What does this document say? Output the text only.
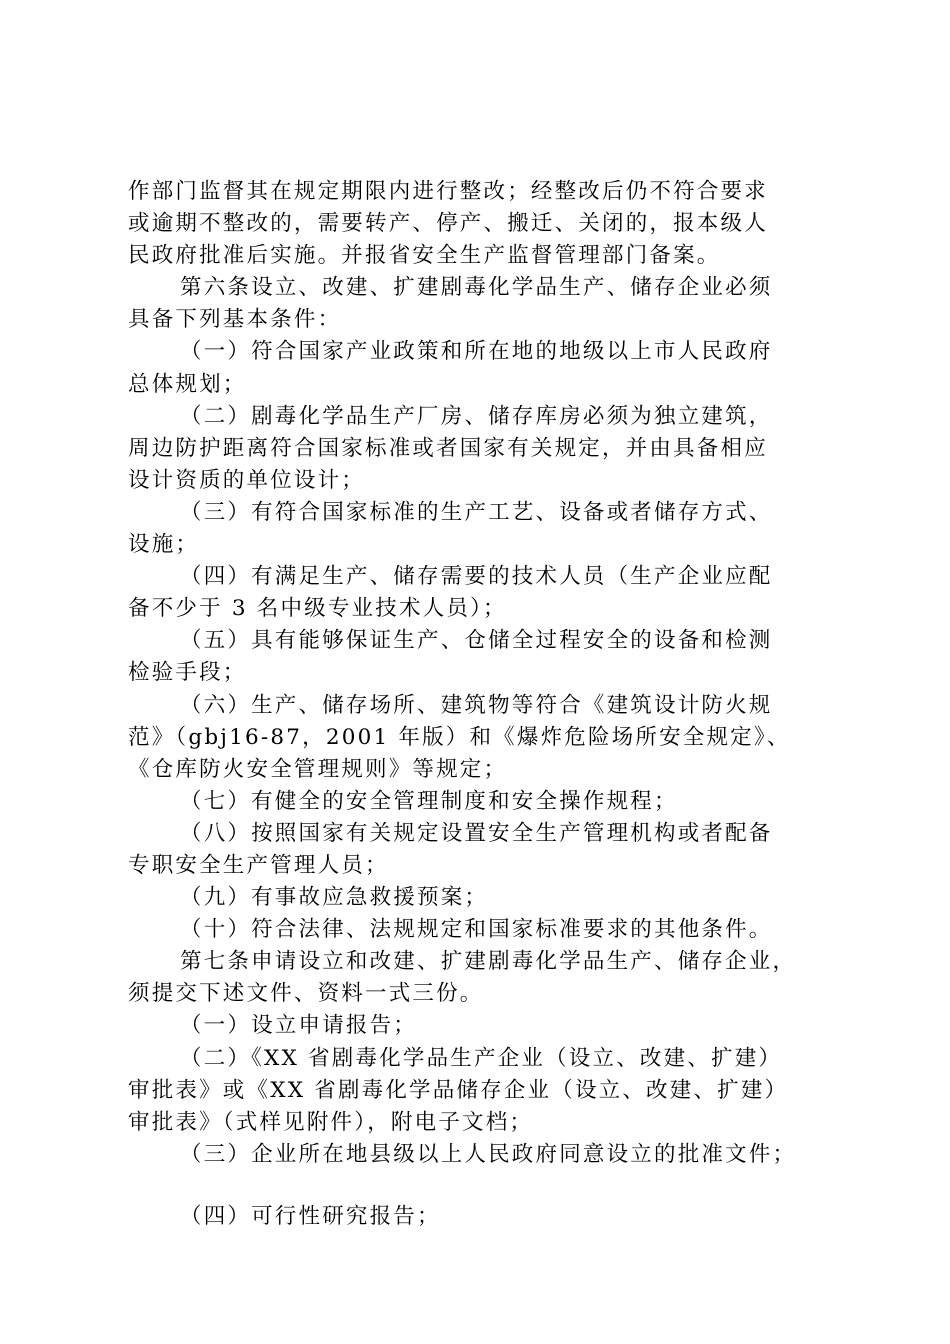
作部门监督其在规定期限内进行整改；经整改后仍不符合要求
或逾期不整改的，需要转产、停产、搬迁、关闭的，报本级人
民政府批准后实施。并报省安全生产监督管理部门备案。
第六条设立、改建、扩建剧毒化学品生产、储存企业必须
具备下列基本条件：
（一）符合国家产业政策和所在地的地级以上市人民政府
总体规划；
（二）剧毒化学品生产厂房、储存库房必须为独立建筑，
周边防护距离符合国家标准或者国家有关规定，并由具备相应
设计资质的单位设计；
（三）有符合国家标准的生产工艺、设备或者储存方式、
设施；
（四）有满足生产、储存需要的技术人员（生产企业应配
备不少于 3 名中级专业技术人员）；
（五）具有能够保证生产、仓储全过程安全的设备和检测
检验手段；
（六）生产、储存场所、建筑物等符合《建筑设计防火规
范》（gbj16-87，2001 年版）和《爆炸危险场所安全规定》、
《仓库防火安全管理规则》等规定；
（七）有健全的安全管理制度和安全操作规程；
（八）按照国家有关规定设置安全生产管理机构或者配备
专职安全生产管理人员；
（九）有事故应急救援预案；
（十）符合法律、法规规定和国家标准要求的其他条件。
第七条申请设立和改建、扩建剧毒化学品生产、储存企业，
须提交下述文件、资料一式三份。
（一）设立申请报告；
（二）《XX 省剧毒化学品生产企业（设立、改建、扩建）
审批表》或《XX 省剧毒化学品储存企业（设立、改建、扩建）
审批表》（式样见附件），附电子文档；
（三）企业所在地县级以上人民政府同意设立的批准文件；
（四）可行性研究报告；
